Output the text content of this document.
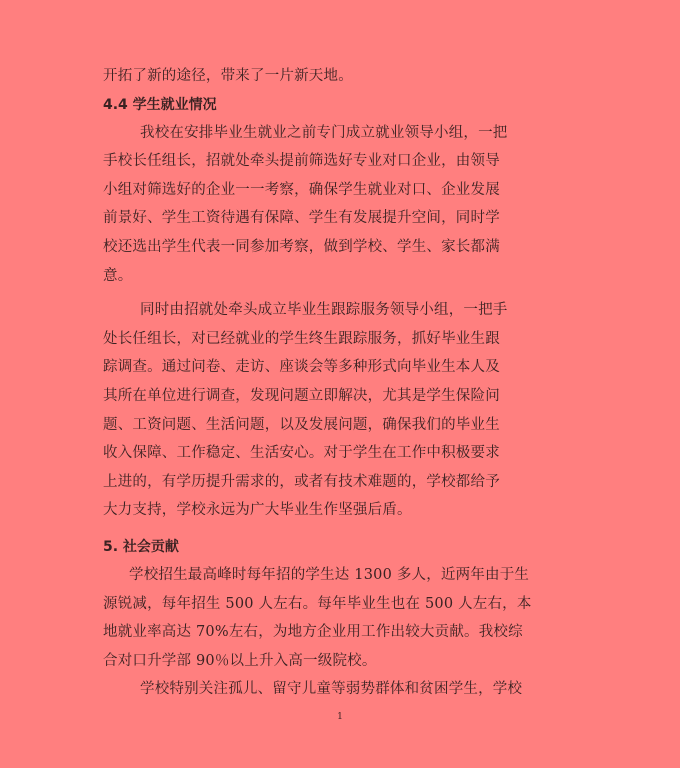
开拓了新的途径，带来了一片新天地。
4.4 学生就业情况
我校在安排毕业生就业之前专门成立就业领导小组，一把
手校长任组长，招就处牵头提前筛选好专业对口企业，由领导
小组对筛选好的企业一一考察，确保学生就业对口、企业发展
前景好、学生工资待遇有保障、学生有发展提升空间，同时学
校还选出学生代表一同参加考察，做到学校、学生、家长都满
意。
同时由招就处牵头成立毕业生跟踪服务领导小组，一把手
处长任组长，对已经就业的学生终生跟踪服务，抓好毕业生跟
踪调查。通过问卷、走访、座谈会等多种形式向毕业生本人及
其所在单位进行调查，发现问题立即解决，尤其是学生保险问
题、工资问题、生活问题，以及发展问题，确保我们的毕业生
收入保障、工作稳定、生活安心。对于学生在工作中积极要求
上进的，有学历提升需求的，或者有技术难题的，学校都给予
大力支持，学校永远为广大毕业生作坚强后盾。
5. 社会贡献
学校招生最高峰时每年招的学生达 1300 多人，近两年由于生
源锐减，每年招生 500 人左右。每年毕业生也在 500 人左右，本
地就业率高达 70%左右，为地方企业用工作出较大贡献。我校综
合对口升学部 90％以上升入高一级院校。
学校特别关注孤儿、留守儿童等弱势群体和贫困学生，学校
1
